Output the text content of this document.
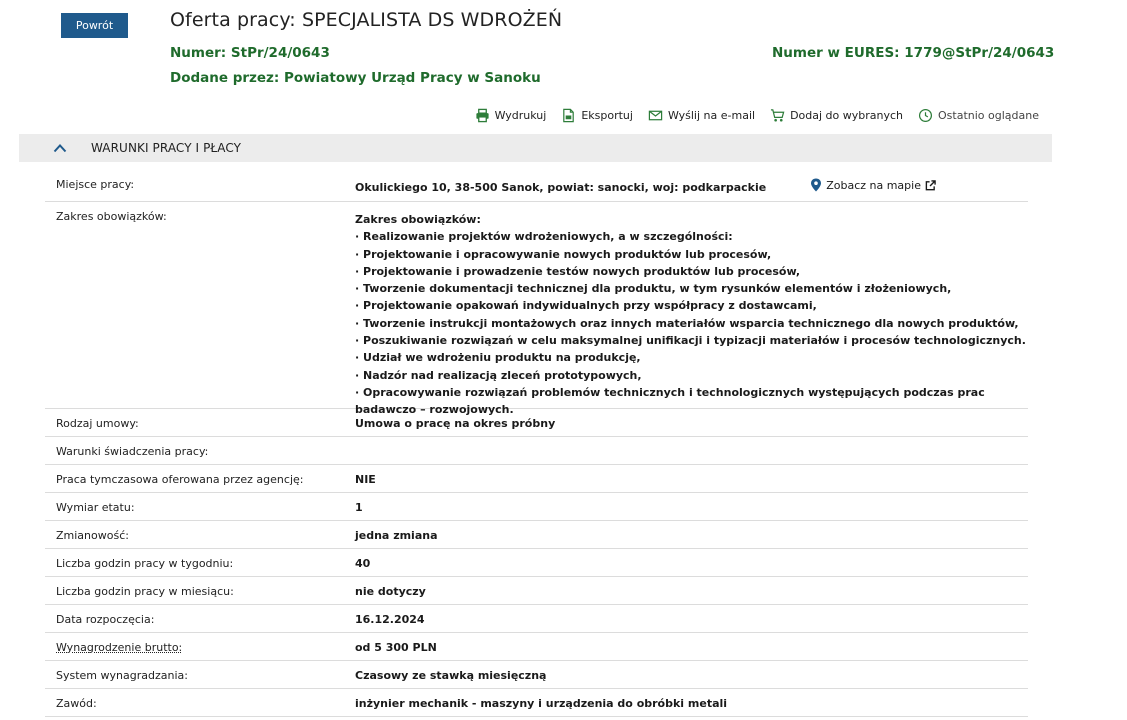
Powrót	Oferta pracy: SPECJALISTA DS WDROŻEŃ
Numer: StPr/24/0643
Dodane przez: Powiatowy Urząd Pracy w Sanoku
Numer w EURES: 1779@StPr/24/0643
Wydrukuj	Eksportuj	Wyślij na e-mail	Dodaj do wybranych	Ostatnio oglądane
WARUNKI PRACY I PŁACY
Miejsce pracy:	Okulickiego 10, 38-500 Sanok, powiat: sanocki, woj: podkarpackie	Zobacz na mapie
Zakres obowiązków:	Zakres obowiązków:
· Realizowanie projektów wdrożeniowych, a w szczególności:
· Projektowanie i opracowywanie nowych produktów lub procesów,
· Projektowanie i prowadzenie testów nowych produktów lub procesów,
· Tworzenie dokumentacji technicznej dla produktu, w tym rysunków elementów i złożeniowych,
· Projektowanie opakowań indywidualnych przy współpracy z dostawcami,
· Tworzenie instrukcji montażowych oraz innych materiałów wsparcia technicznego dla nowych produktów,
· Poszukiwanie rozwiązań w celu maksymalnej unifikacji i typizacji materiałów i procesów technologicznych.
· Udział we wdrożeniu produktu na produkcję,
· Nadzór nad realizacją zleceń prototypowych,
· Opracowywanie rozwiązań problemów technicznych i technologicznych występujących podczas prac badawczo – rozwojowych.
Rodzaj umowy:	Umowa o pracę na okres próbny
Warunki świadczenia pracy:
Praca tymczasowa oferowana przez agencję:	NIE
Wymiar etatu:	1
Zmianowość:	jedna zmiana
Liczba godzin pracy w tygodniu:	40
Liczba godzin pracy w miesiącu:	nie dotyczy
Data rozpoczęcia:	16.12.2024
Wynagrodzenie brutto:	od 5 300 PLN
System wynagradzania:	Czasowy ze stawką miesięczną
Zawód:	inżynier mechanik - maszyny i urządzenia do obróbki metali
